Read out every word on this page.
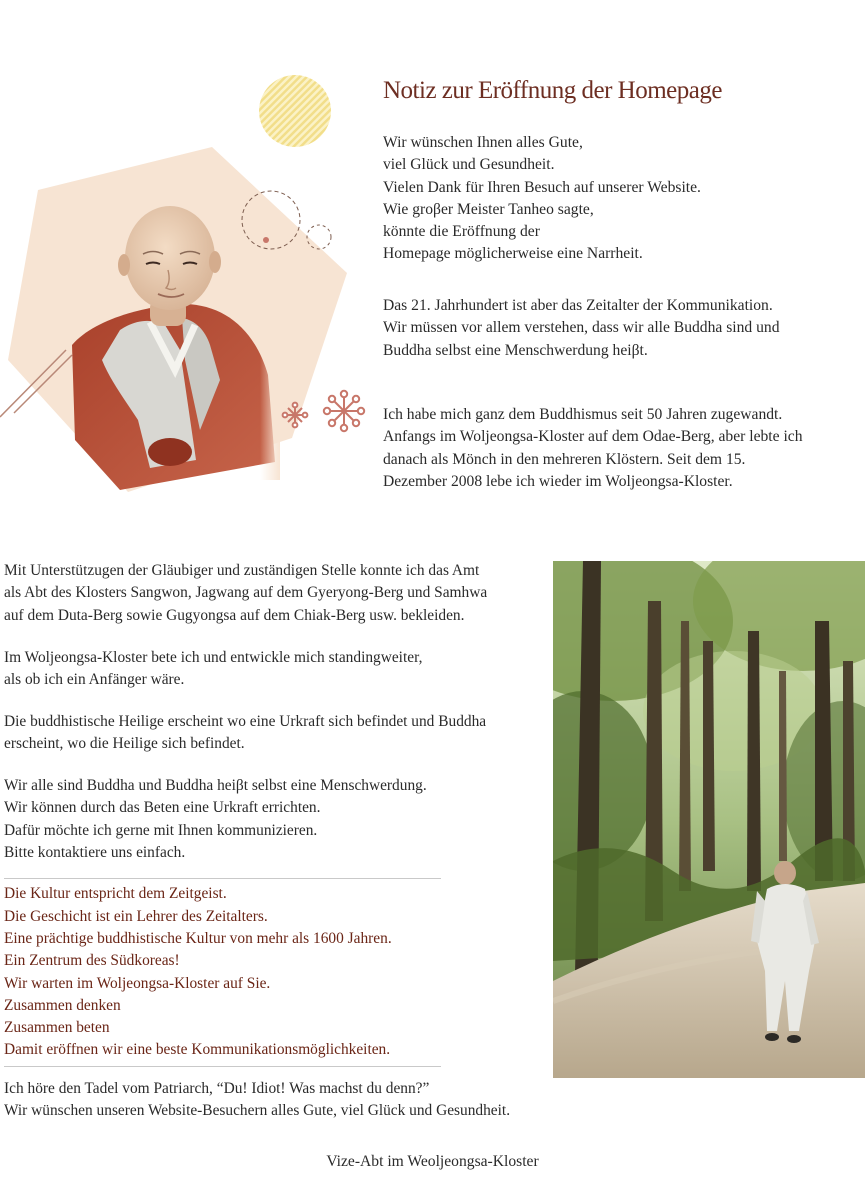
Notiz zur Eröffnung der Homepage
Wir wünschen Ihnen alles Gute,
viel Glück und Gesundheit.
Vielen Dank für Ihren Besuch auf unserer Website.
Wie groβer Meister Tanheo sagte,
könnte die Eröffnung der
Homepage möglicherweise eine Narrheit.
Das 21. Jahrhundert ist aber das Zeitalter der Kommunikation.
Wir müssen vor allem verstehen, dass wir alle Buddha sind und
Buddha selbst eine Menschwerdung heiβt.
Ich habe mich ganz dem Buddhismus seit 50 Jahren zugewandt.
Anfangs im Woljeongsa-Kloster auf dem Odae-Berg, aber lebte ich
danach als Mönch in den mehreren Klöstern. Seit dem 15.
Dezember 2008 lebe ich wieder im Woljeongsa-Kloster.
Mit Unterstützugen der Gläubiger und zuständigen Stelle konnte ich das Amt
als Abt des Klosters Sangwon, Jagwang auf dem Gyeryong-Berg und Samhwa
auf dem Duta-Berg sowie Gugyongsa auf dem Chiak-Berg usw. bekleiden.
Im Woljeongsa-Kloster bete ich und entwickle mich standingweiter,
als ob ich ein Anfänger wäre.
Die buddhistische Heilige erscheint wo eine Urkraft sich befindet und Buddha
erscheint, wo die Heilige sich befindet.
Wir alle sind Buddha und Buddha heiβt selbst eine Menschwerdung.
Wir können durch das Beten eine Urkraft errichten.
Dafür möchte ich gerne mit Ihnen kommunizieren.
Bitte kontaktiere uns einfach.
Die Kultur entspricht dem Zeitgeist.
Die Geschicht ist ein Lehrer des Zeitalters.
Eine prächtige buddhistische Kultur von mehr als 1600 Jahren.
Ein Zentrum des Südkoreas!
Wir warten im Woljeongsa-Kloster auf Sie.
Zusammen denken
Zusammen beten
Damit eröffnen wir eine beste Kommunikationsmöglichkeiten.
Ich höre den Tadel vom Patriarch, “Du! Idiot! Was machst du denn?”
Wir wünschen unseren Website-Besuchern alles Gute, viel Glück und Gesundheit.
Vize-Abt im Weoljeongsa-Kloster
